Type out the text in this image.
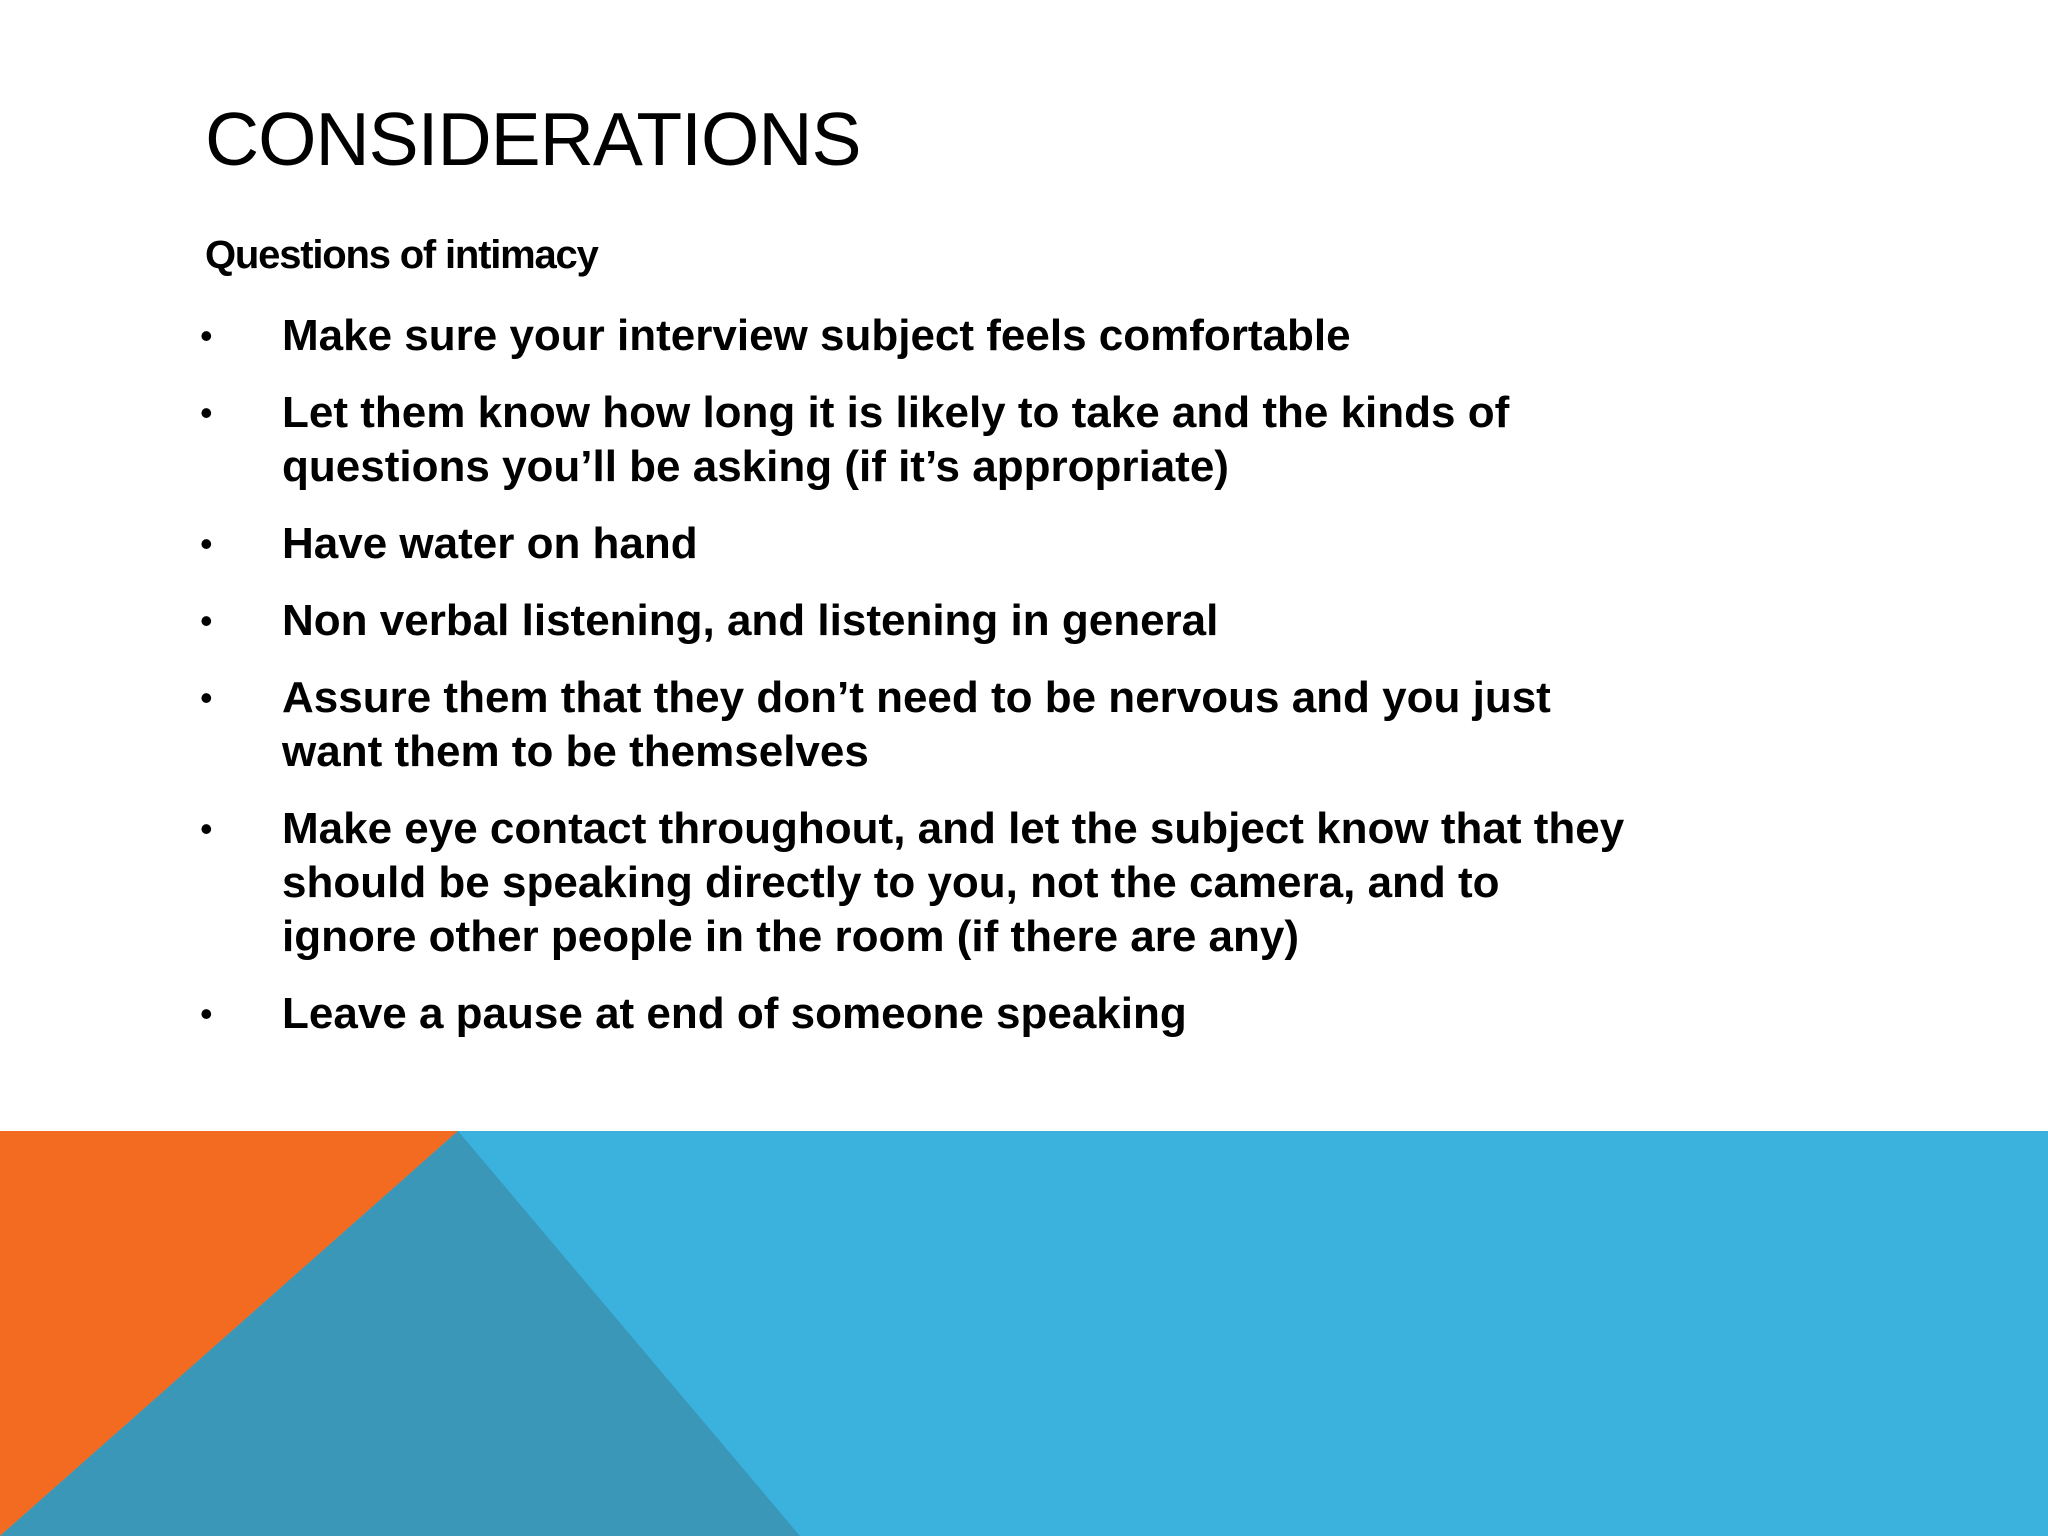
CONSIDERATIONS
Questions of intimacy
• Make sure your interview subject feels comfortable
• Let them know how long it is likely to take and the kinds of questions you’ll be asking (if it’s appropriate)
• Have water on hand
• Non verbal listening, and listening in general
• Assure them that they don’t need to be nervous and you just want them to be themselves
• Make eye contact throughout, and let the subject know that they should be speaking directly to you, not the camera, and to ignore other people in the room (if there are any)
• Leave a pause at end of someone speaking
